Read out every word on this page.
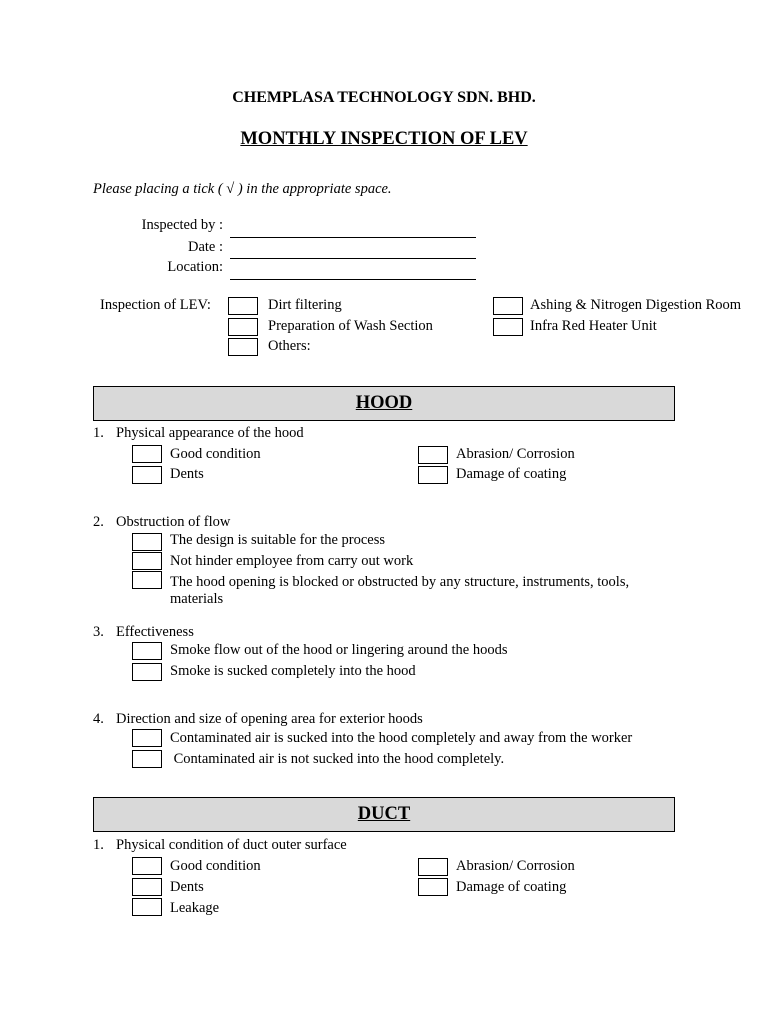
CHEMPLASA TECHNOLOGY SDN. BHD.
MONTHLY INSPECTION OF LEV
Please placing a tick ( √ ) in the appropriate space.
Inspected by :
Date :
Location:
Inspection of LEV:	Dirt filtering
Preparation of Wash Section
Others:
Ashing & Nitrogen Digestion Room
Infra Red Heater Unit
HOOD
1. Physical appearance of the hood
Good condition
Dents
Abrasion/ Corrosion
Damage of coating
2. Obstruction of flow
The design is suitable for the process
Not hinder employee from carry out work
The hood opening is blocked or obstructed by any structure, instruments, tools,
materials
3. Effectiveness
Smoke flow out of the hood or lingering around the hoods
Smoke is sucked completely into the hood
4. Direction and size of opening area for exterior hoods
Contaminated air is sucked into the hood completely and away from the worker
Contaminated air is not sucked into the hood completely.
DUCT
1. Physical condition of duct outer surface
Good condition
Dents
Leakage
Abrasion/ Corrosion
Damage of coating
